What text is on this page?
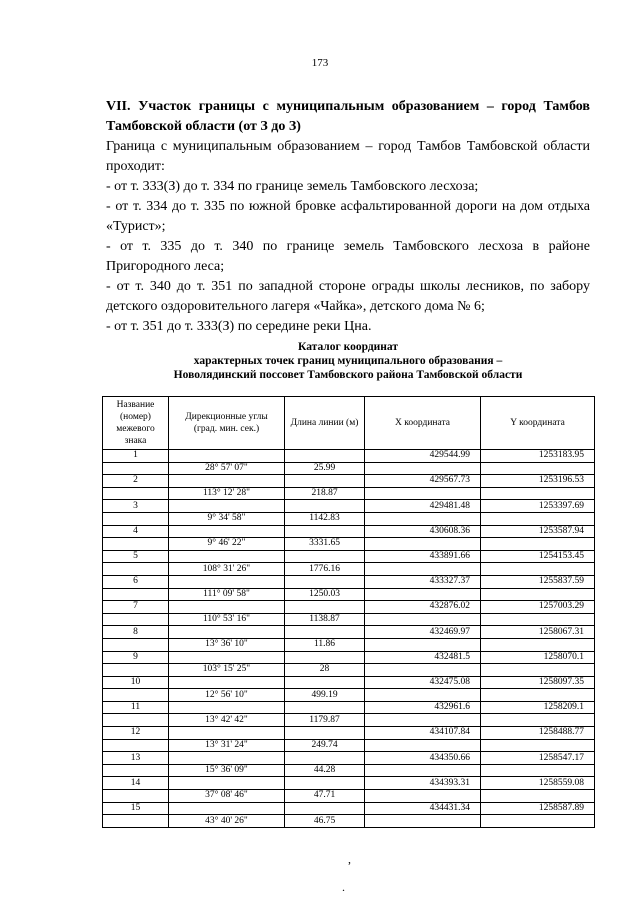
173

VII. Участок границы с муниципальным образованием – город Тамбов Тамбовской области (от З до З)

Граница с муниципальным образованием – город Тамбов Тамбовской области проходит:

- от т. 333(З) до т. 334 по границе земель Тамбовского лесхоза;

- от т. 334 до т. 335 по южной бровке асфальтированной дороги на дом отдыха «Турист»;

- от т. 335 до т. 340 по границе земель Тамбовского лесхоза в районе Пригородного леса;

- от т. 340 до т. 351 по западной стороне ограды школы лесников, по забору детского оздоровительного лагеря «Чайка», детского дома № 6;

- от т. 351 до т. 333(З) по середине реки Цна.

Каталог координат
характерных точек границ муниципального образования –
Новолядинский поссовет Тамбовского района Тамбовской области
Название (номер) межевого знака	Дирекционные углы (град. мин. сек.)	Длина линии (м)	X координата	Y координата
1			429544.99	1253183.95
	28° 57' 07"	25.99		
2			429567.73	1253196.53
	113° 12' 28"	218.87		
3			429481.48	1253397.69
	9° 34' 58"	1142.83		
4			430608.36	1253587.94
	9° 46' 22"	3331.65		
5			433891.66	1254153.45
	108° 31' 26"	1776.16		
6			433327.37	1255837.59
	111° 09' 58"	1250.03		
7			432876.02	1257003.29
	110° 53' 16"	1138.87		
8			432469.97	1258067.31
	13° 36' 10"	11.86		
9			432481.5	1258070.1
	103° 15' 25"	28		
10			432475.08	1258097.35
	12° 56' 10"	499.19		
11			432961.6	1258209.1
	13° 42' 42"	1179.87		
12			434107.84	1258488.77
	13° 31' 24"	249.74		
13			434350.66	1258547.17
	15° 36' 09"	44.28		
14			434393.31	1258559.08
	37° 08' 46"	47.71		
15			434431.34	1258587.89
	43° 40' 26"	46.75		
,
.
